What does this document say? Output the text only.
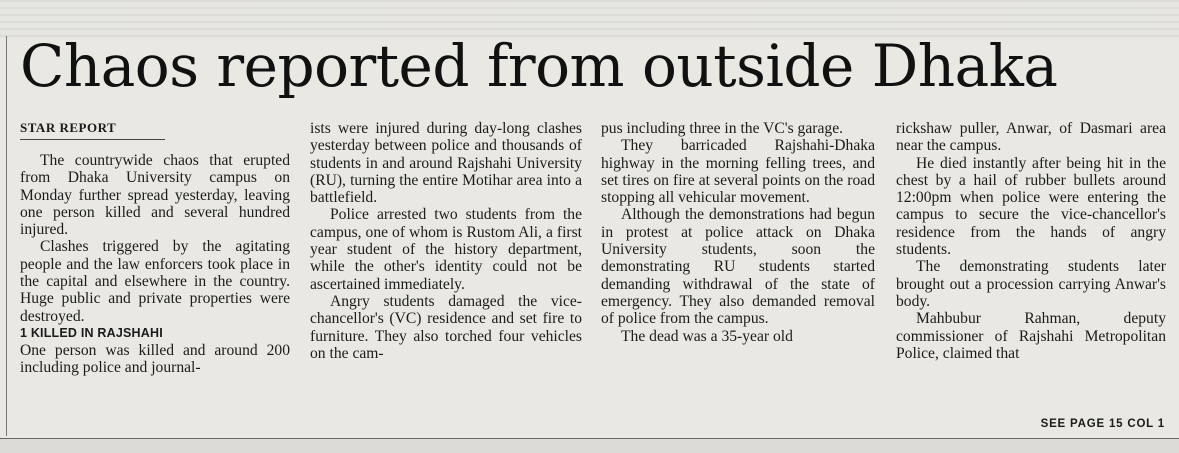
Chaos reported from outside Dhaka
STAR REPORT

The countrywide chaos that erupted from Dhaka University campus on Monday further spread yesterday, leaving one person killed and several hundred injured.

Clashes triggered by the agitating people and the law enforcers took place in the capital and elsewhere in the country. Huge public and private properties were destroyed.

1 KILLED IN RAJSHAHI

One person was killed and around 200 including police and journal-

ists were injured during day-long clashes yesterday between police and thousands of students in and around Rajshahi University (RU), turning the entire Motihar area into a battlefield.

Police arrested two students from the campus, one of whom is Rustom Ali, a first year student of the history department, while the other's identity could not be ascertained immediately.

Angry students damaged the vice-chancellor's (VC) residence and set fire to furniture. They also torched four vehicles on the cam-

pus including three in the VC's garage.

They barricaded Rajshahi-Dhaka highway in the morning felling trees, and set tires on fire at several points on the road stopping all vehicular movement.

Although the demonstrations had begun in protest at police attack on Dhaka University students, soon the demonstrating RU students started demanding withdrawal of the state of emergency. They also demanded removal of police from the campus.

The dead was a 35-year old

rickshaw puller, Anwar, of Dasmari area near the campus.

He died instantly after being hit in the chest by a hail of rubber bullets around 12:00pm when police were entering the campus to secure the vice-chancellor's residence from the hands of angry students.

The demonstrating students later brought out a procession carrying Anwar's body.

Mahbubur Rahman, deputy commissioner of Rajshahi Metropolitan Police, claimed that

SEE PAGE 15 COL 1
